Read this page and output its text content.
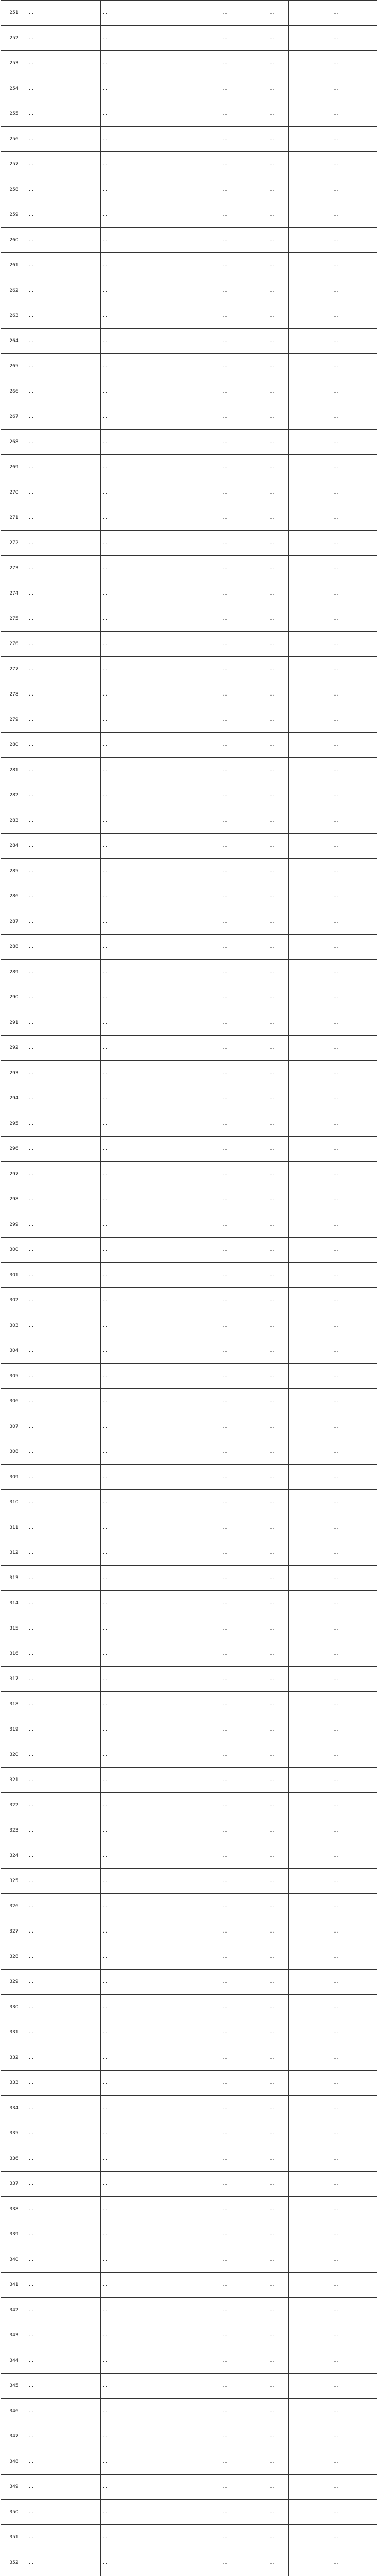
251	…	…	…	…	…	
252	…	…	…	…	…	
253	…	…	…	…	…	
254	…	…	…	…	…	
255	…	…	…	…	…	
256	…	…	…	…	…	
257	…	…	…	…	…	
258	…	…	…	…	…	
259	…	…	…	…	…	
260	…	…	…	…	…	
261	…	…	…	…	…	
262	…	…	…	…	…	
263	…	…	…	…	…	
264	…	…	…	…	…	
265	…	…	…	…	…	
266	…	…	…	…	…	
267	…	…	…	…	…	
268	…	…	…	…	…	
269	…	…	…	…	…	
270	…	…	…	…	…	
271	…	…	…	…	…	
272	…	…	…	…	…	
273	…	…	…	…	…	
274	…	…	…	…	…	
275	…	…	…	…	…	
276	…	…	…	…	…	
277	…	…	…	…	…	
278	…	…	…	…	…	
279	…	…	…	…	…	
280	…	…	…	…	…	
281	…	…	…	…	…	
282	…	…	…	…	…	
283	…	…	…	…	…	
284	…	…	…	…	…	
285	…	…	…	…	…	
286	…	…	…	…	…	
287	…	…	…	…	…	
288	…	…	…	…	…	
289	…	…	…	…	…	
290	…	…	…	…	…	
291	…	…	…	…	…	
292	…	…	…	…	…	
293	…	…	…	…	…	
294	…	…	…	…	…	
295	…	…	…	…	…	
296	…	…	…	…	…	
297	…	…	…	…	…	
298	…	…	…	…	…	
299	…	…	…	…	…	
300	…	…	…	…	…	
301	…	…	…	…	…	
302	…	…	…	…	…	
303	…	…	…	…	…	
304	…	…	…	…	…	
305	…	…	…	…	…	
306	…	…	…	…	…	
307	…	…	…	…	…	
308	…	…	…	…	…	
309	…	…	…	…	…	
310	…	…	…	…	…	
311	…	…	…	…	…	
312	…	…	…	…	…	
313	…	…	…	…	…	
314	…	…	…	…	…	
315	…	…	…	…	…	
316	…	…	…	…	…	
317	…	…	…	…	…	
318	…	…	…	…	…	
319	…	…	…	…	…	
320	…	…	…	…	…	
321	…	…	…	…	…	
322	…	…	…	…	…	
323	…	…	…	…	…	
324	…	…	…	…	…	
325	…	…	…	…	…	
326	…	…	…	…	…	
327	…	…	…	…	…	
328	…	…	…	…	…	
329	…	…	…	…	…	
330	…	…	…	…	…	
331	…	…	…	…	…	
332	…	…	…	…	…	
333	…	…	…	…	…	
334	…	…	…	…	…	
335	…	…	…	…	…	
336	…	…	…	…	…	
337	…	…	…	…	…	
338	…	…	…	…	…	
339	…	…	…	…	…	
340	…	…	…	…	…	
341	…	…	…	…	…	
342	…	…	…	…	…	
343	…	…	…	…	…	
344	…	…	…	…	…	
345	…	…	…	…	…	
346	…	…	…	…	…	
347	…	…	…	…	…	
348	…	…	…	…	…	
349	…	…	…	…	…	
350	…	…	…	…	…	
351	…	…	…	…	…	
352	…	…	…	…	…	
